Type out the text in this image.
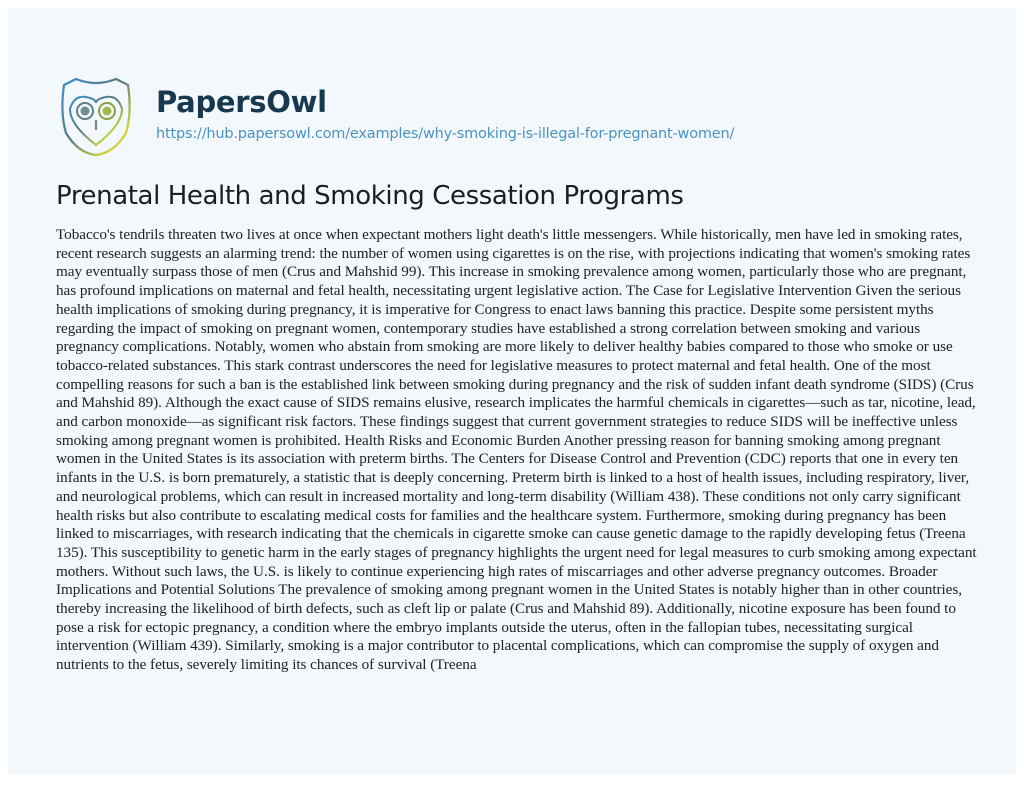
PapersOwl
https://hub.papersowl.com/examples/why-smoking-is-illegal-for-pregnant-women/
Prenatal Health and Smoking Cessation Programs

Tobacco's tendrils threaten two lives at once when expectant mothers light death's little messengers. While historically, men have led in smoking rates, recent research suggests an alarming trend: the number of women using cigarettes is on the rise, with projections indicating that women's smoking rates may eventually surpass those of men (Crus and Mahshid 99). This increase in smoking prevalence among women, particularly those who are pregnant, has profound implications on maternal and fetal health, necessitating urgent legislative action. The Case for Legislative Intervention Given the serious health implications of smoking during pregnancy, it is imperative for Congress to enact laws banning this practice. Despite some persistent myths regarding the impact of smoking on pregnant women, contemporary studies have established a strong correlation between smoking and various pregnancy complications. Notably, women who abstain from smoking are more likely to deliver healthy babies compared to those who smoke or use tobacco-related substances. This stark contrast underscores the need for legislative measures to protect maternal and fetal health. One of the most compelling reasons for such a ban is the established link between smoking during pregnancy and the risk of sudden infant death syndrome (SIDS) (Crus and Mahshid 89). Although the exact cause of SIDS remains elusive, research implicates the harmful chemicals in cigarettes—such as tar, nicotine, lead, and carbon monoxide—as significant risk factors. These findings suggest that current government strategies to reduce SIDS will be ineffective unless smoking among pregnant women is prohibited. Health Risks and Economic Burden Another pressing reason for banning smoking among pregnant women in the United States is its association with preterm births. The Centers for Disease Control and Prevention (CDC) reports that one in every ten infants in the U.S. is born prematurely, a statistic that is deeply concerning. Preterm birth is linked to a host of health issues, including respiratory, liver, and neurological problems, which can result in increased mortality and long-term disability (William 438). These conditions not only carry significant health risks but also contribute to escalating medical costs for families and the healthcare system. Furthermore, smoking during pregnancy has been linked to miscarriages, with research indicating that the chemicals in cigarette smoke can cause genetic damage to the rapidly developing fetus (Treena 135). This susceptibility to genetic harm in the early stages of pregnancy highlights the urgent need for legal measures to curb smoking among expectant mothers. Without such laws, the U.S. is likely to continue experiencing high rates of miscarriages and other adverse pregnancy outcomes. Broader Implications and Potential Solutions The prevalence of smoking among pregnant women in the United States is notably higher than in other countries, thereby increasing the likelihood of birth defects, such as cleft lip or palate (Crus and Mahshid 89). Additionally, nicotine exposure has been found to pose a risk for ectopic pregnancy, a condition where the embryo implants outside the uterus, often in the fallopian tubes, necessitating surgical intervention (William 439). Similarly, smoking is a major contributor to placental complications, which can compromise the supply of oxygen and nutrients to the fetus, severely limiting its chances of survival (Treena
